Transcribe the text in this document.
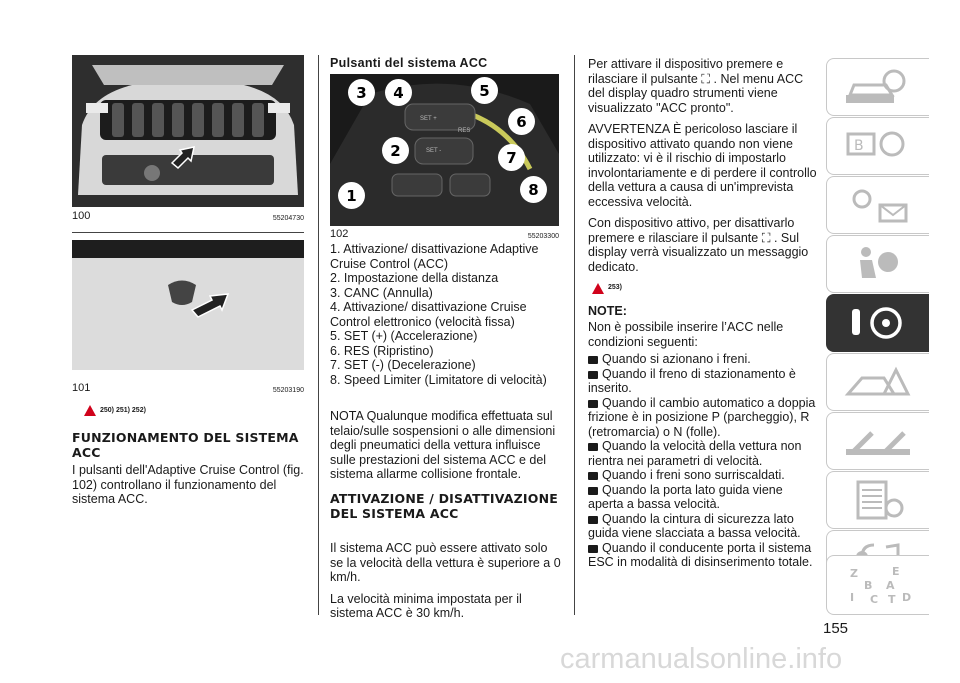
100	55204730
101	55203190
250) 251) 252)
FUNZIONAMENTO DEL SISTEMA ACC

I pulsanti dell'Adaptive Cruise Control (fig. 102) controllano il funzionamento del sistema ACC.

Pulsanti del sistema ACC
SET +
RES
SET -
3	4	5
6
2	7
1	8
102	55203300
1. Attivazione/ disattivazione Adaptive Cruise Control (ACC)
2. Impostazione della distanza
3. CANC (Annulla)
4. Attivazione/ disattivazione Cruise Control elettronico (velocità fissa)
5. SET (+) (Accelerazione)
6. RES (Ripristino)
7. SET (-) (Decelerazione)
8. Speed Limiter (Limitatore di velocità)

NOTA Qualunque modifica effettuata sul telaio/sulle sospensioni o alle dimensioni degli pneumatici della vettura influisce sulle prestazioni del sistema ACC e del sistema allarme collisione frontale.

ATTIVAZIONE / DISATTIVAZIONE DEL SISTEMA ACC

Il sistema ACC può essere attivato solo se la velocità della vettura è superiore a 0 km/h.

La velocità minima impostata per il sistema ACC è 30 km/h.

Per attivare il dispositivo premere e rilasciare il pulsante ⛶ . Nel menu ACC del display quadro strumenti viene visualizzato "ACC pronto".

AVVERTENZA È pericoloso lasciare il dispositivo attivato quando non viene utilizzato: vi è il rischio di impostarlo involontariamente e di perdere il controllo della vettura a causa di un'imprevista eccessiva velocità.

Con dispositivo attivo, per disattivarlo premere e rilasciare il pulsante ⛶ . Sul display verrà visualizzato un messaggio dedicato.

253)
NOTE:
Non è possibile inserire l’ACC nelle condizioni seguenti:
Quando si azionano i freni.
Quando il freno di stazionamento è inserito.
Quando il cambio automatico a doppia frizione è in posizione P (parcheggio), R (retromarcia) o N (folle).
Quando la velocità della vettura non rientra nei parametri di velocità.
Quando i freni sono surriscaldati.
Quando la porta lato guida viene aperta a bassa velocità.
Quando la cintura di sicurezza lato guida viene slacciata a bassa velocità.
Quando il conducente porta il sistema ESC in modalità di disinserimento totale.
B
Z	E
B A
I C T D
155
carmanualsonline.info
